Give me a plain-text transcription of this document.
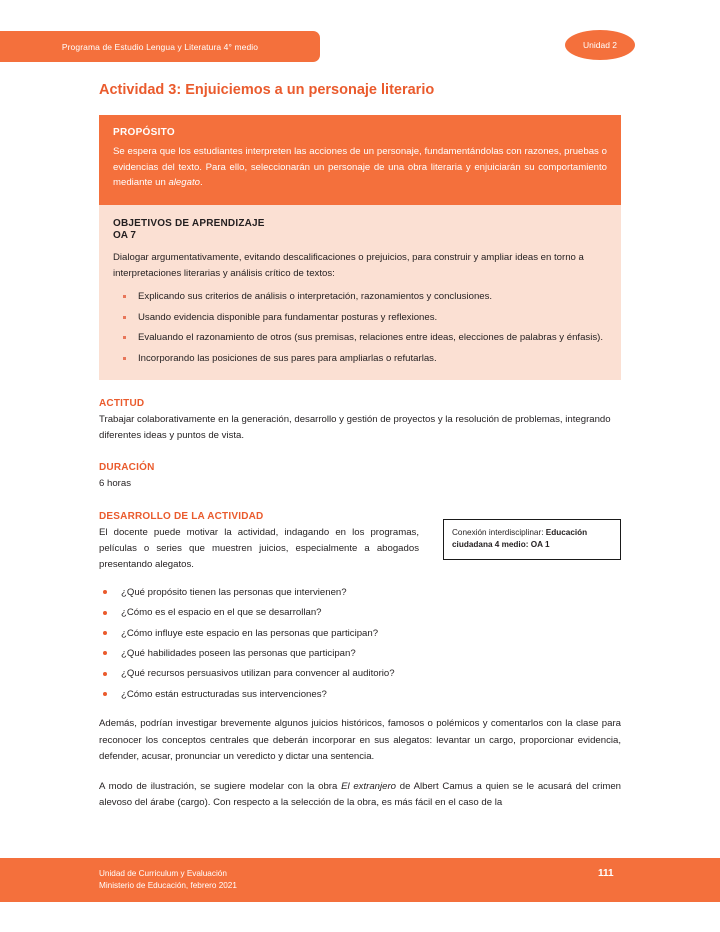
Programa de Estudio Lengua y Literatura 4° medio	Unidad 2
Actividad 3: Enjuiciemos a un personaje literario
PROPÓSITO

Se espera que los estudiantes interpreten las acciones de un personaje, fundamentándolas con razones, pruebas o evidencias del texto. Para ello, seleccionarán un personaje de una obra literaria y enjuiciarán su comportamiento mediante un alegato.

OBJETIVOS DE APRENDIZAJE
OA 7

Dialogar argumentativamente, evitando descalificaciones o prejuicios, para construir y ampliar ideas en torno a interpretaciones literarias y análisis crítico de textos:

Explicando sus criterios de análisis o interpretación, razonamientos y conclusiones.
Usando evidencia disponible para fundamentar posturas y reflexiones.
Evaluando el razonamiento de otros (sus premisas, relaciones entre ideas, elecciones de palabras y énfasis).
Incorporando las posiciones de sus pares para ampliarlas o refutarlas.
ACTITUD

Trabajar colaborativamente en la generación, desarrollo y gestión de proyectos y la resolución de problemas, integrando diferentes ideas y puntos de vista.

DURACIÓN

6 horas

DESARROLLO DE LA ACTIVIDAD
Conexión interdisciplinar: Educación ciudadana 4 medio: OA 1

El docente puede motivar la actividad, indagando en los programas, películas o series que muestren juicios, especialmente a abogados presentando alegatos.

¿Qué propósito tienen las personas que intervienen?
¿Cómo es el espacio en el que se desarrollan?
¿Cómo influye este espacio en las personas que participan?
¿Qué habilidades poseen las personas que participan?
¿Qué recursos persuasivos utilizan para convencer al auditorio?
¿Cómo están estructuradas sus intervenciones?

Además, podrían investigar brevemente algunos juicios históricos, famosos o polémicos y comentarlos con la clase para reconocer los conceptos centrales que deberán incorporar en sus alegatos: levantar un cargo, proporcionar evidencia, defender, acusar, pronunciar un veredicto y dictar una sentencia.

A modo de ilustración, se sugiere modelar con la obra El extranjero de Albert Camus a quien se le acusará del crimen alevoso del árabe (cargo). Con respecto a la selección de la obra, es más fácil en el caso de la

Unidad de Curriculum y Evaluación
Ministerio de Educación, febrero 2021
111
